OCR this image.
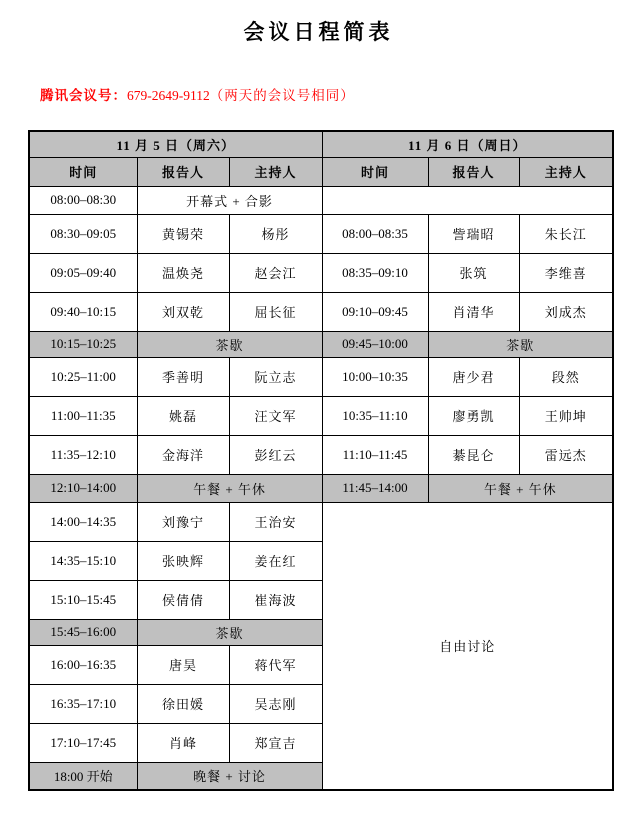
会议日程简表
腾讯会议号：679-2649-9112（两天的会议号相同）
11 月 5 日（周六）			11 月 6 日（周日）		
时间	报告人	主持人	时间	报告人	主持人
08:00–08:30	开幕式 + 合影				
08:30–09:05	黄锡荣	杨彤	08:00–08:35	訾瑞昭	朱长江
09:05–09:40	温焕尧	赵会江	08:35–09:10	张筑	李维喜
09:40–10:15	刘双乾	屈长征	09:10–09:45	肖清华	刘成杰
10:15–10:25	茶歇		09:45–10:00	茶歇	
10:25–11:00	季善明	阮立志	10:00–10:35	唐少君	段然
11:00–11:35	姚磊	汪文军	10:35–11:10	廖勇凯	王帅坤
11:35–12:10	金海洋	彭红云	11:10–11:45	綦昆仑	雷远杰
12:10–14:00	午餐 + 午休		11:45–14:00	午餐 + 午休	
14:00–14:35	刘豫宁	王治安	自由讨论		
14:35–15:10	张映辉	姜在红			
15:10–15:45	侯倩倩	崔海波			
15:45–16:00	茶歇				
16:00–16:35	唐昊	蒋代军			
16:35–17:10	徐田媛	吴志刚			
17:10–17:45	肖峰	郑宣吉			
18:00 开始	晚餐 + 讨论				
